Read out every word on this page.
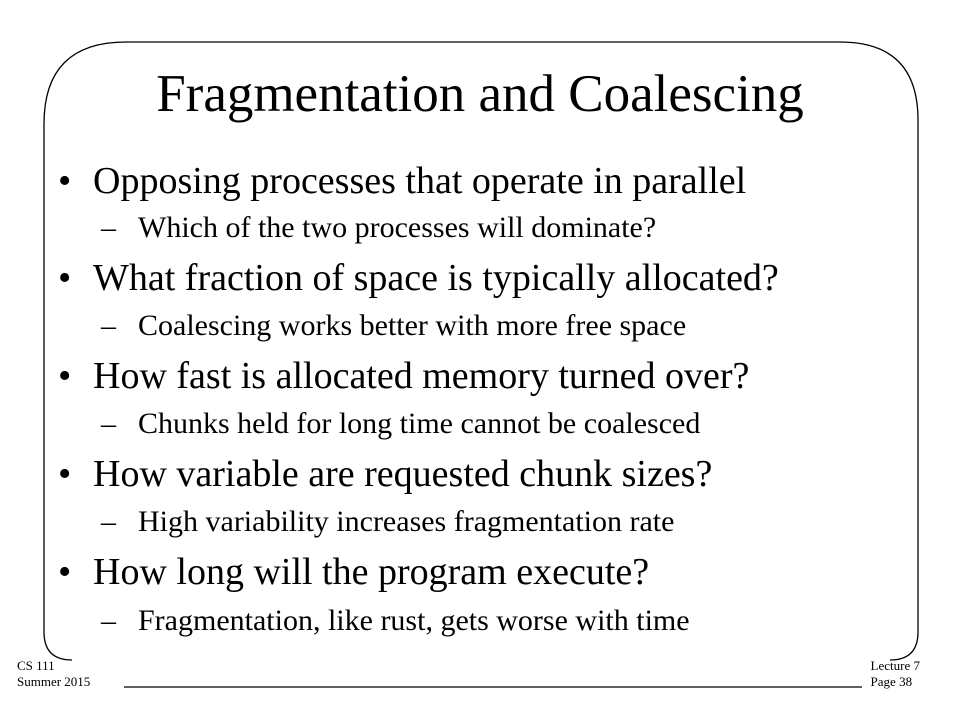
Fragmentation and Coalescing
• Opposing processes that operate in parallel
– Which of the two processes will dominate?
• What fraction of space is typically allocated?
– Coalescing works better with more free space
• How fast is allocated memory turned over?
– Chunks held for long time cannot be coalesced
• How variable are requested chunk sizes?
– High variability increases fragmentation rate
• How long will the program execute?
– Fragmentation, like rust, gets worse with time
CS 111
Summer 2015
Lecture 7
Page 38
